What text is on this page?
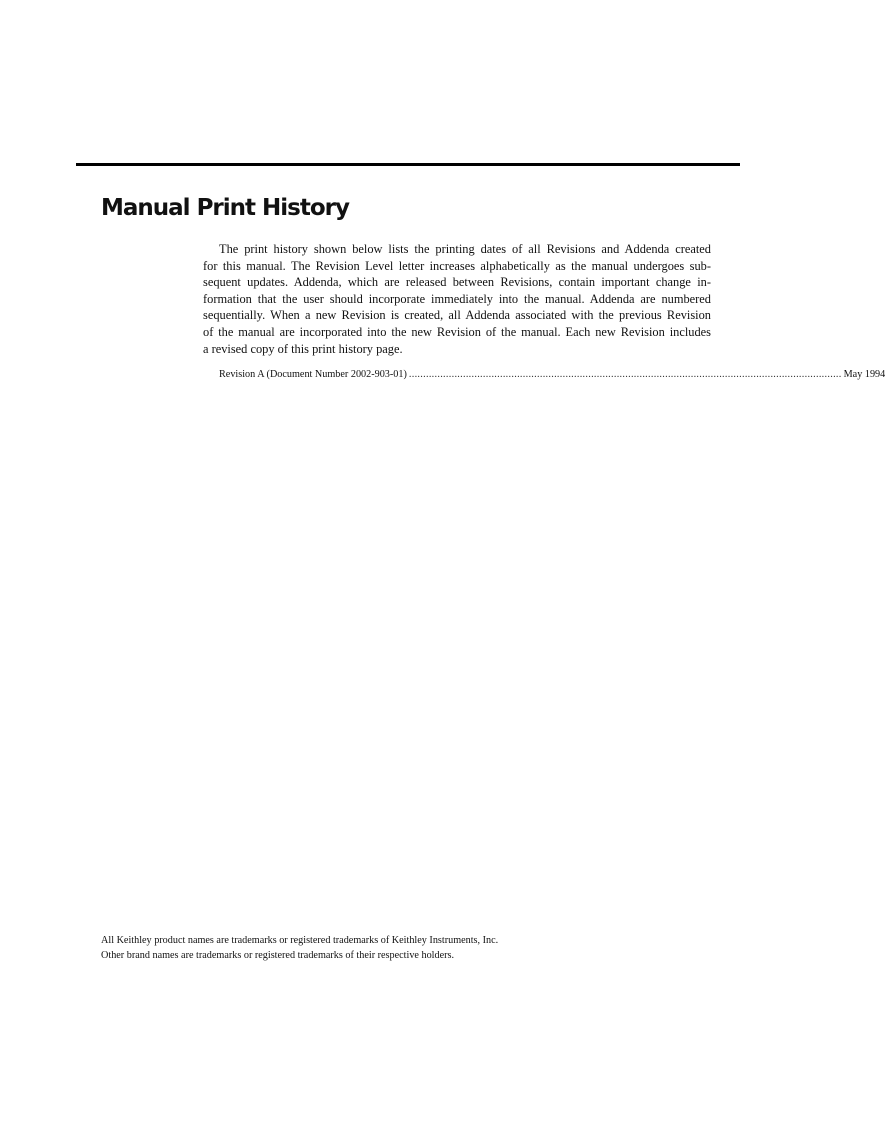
Manual Print History
The print history shown below lists the printing dates of all Revisions and Addenda created
for this manual. The Revision Level letter increases alphabetically as the manual undergoes sub-
sequent updates. Addenda, which are released between Revisions, contain important change in-
formation that the user should incorporate immediately into the manual. Addenda are numbered
sequentially. When a new Revision is created, all Addenda associated with the previous Revision
of the manual are incorporated into the new Revision of the manual. Each new Revision includes
a revised copy of this print history page.
Revision A (Document Number 2002-903-01) ........................................................................................................................................................ May 1994
All Keithley product names are trademarks or registered trademarks of Keithley Instruments, Inc.
Other brand names are trademarks or registered trademarks of their respective holders.
